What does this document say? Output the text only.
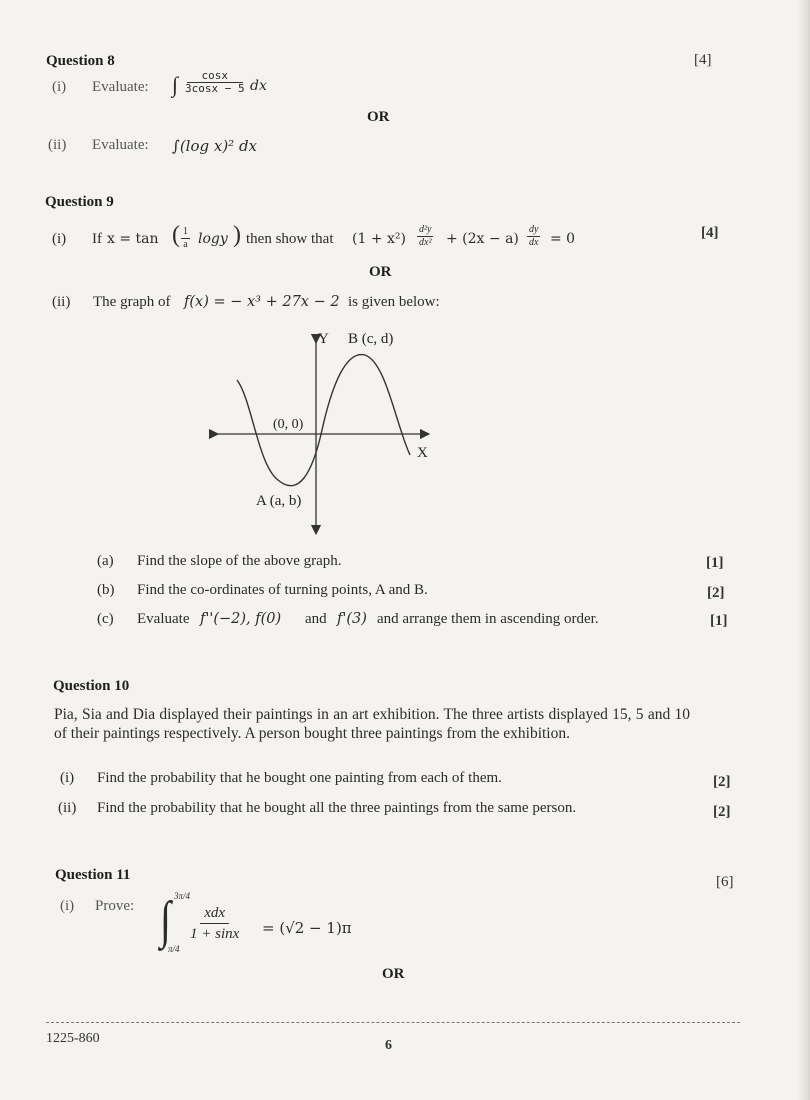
Question 8	[4]
(i) Evaluate: ∫ $\frac{\cos x}{3\cos x - 5}$ dx
OR
(ii) Evaluate: ∫(log x)² dx
Question 9
[4]
(i) If x = tan ( $\frac{1}{a}$ logy ) then show that $(1 + x^2) \frac{\text{d²y}}{\text{dx²}} + (2x - a) \frac{dy}{dx} = 0$
OR
(ii) The graph of f(x) = − x³ + 27x − 2 is given below:
Y B (c, d)
(0, 0)
X
A (a, b)
(a) Find the slope of the above graph.	[1]
(b) Find the co-ordinates of turning points, A and B.	[2]
(c) Evaluate f''(−2), f(0) and f'(3) and arrange them in ascending order.	[1]
Question 10
Pia, Sia and Dia displayed their paintings in an art exhibition. The three artists displayed 15, 5 and 10 of their paintings respectively. A person bought three paintings from the exhibition.
(i) Find the probability that he bought one painting from each of them.	[2]
(ii) Find the probability that he bought all the three paintings from the same person.	[2]
Question 11	[6]
(i) Prove: ∫ 3π/4
π/4
$\frac{\text{xdx}}{1 + \sin x} = (√2 - 1)\pi$
OR
1225-860	6
